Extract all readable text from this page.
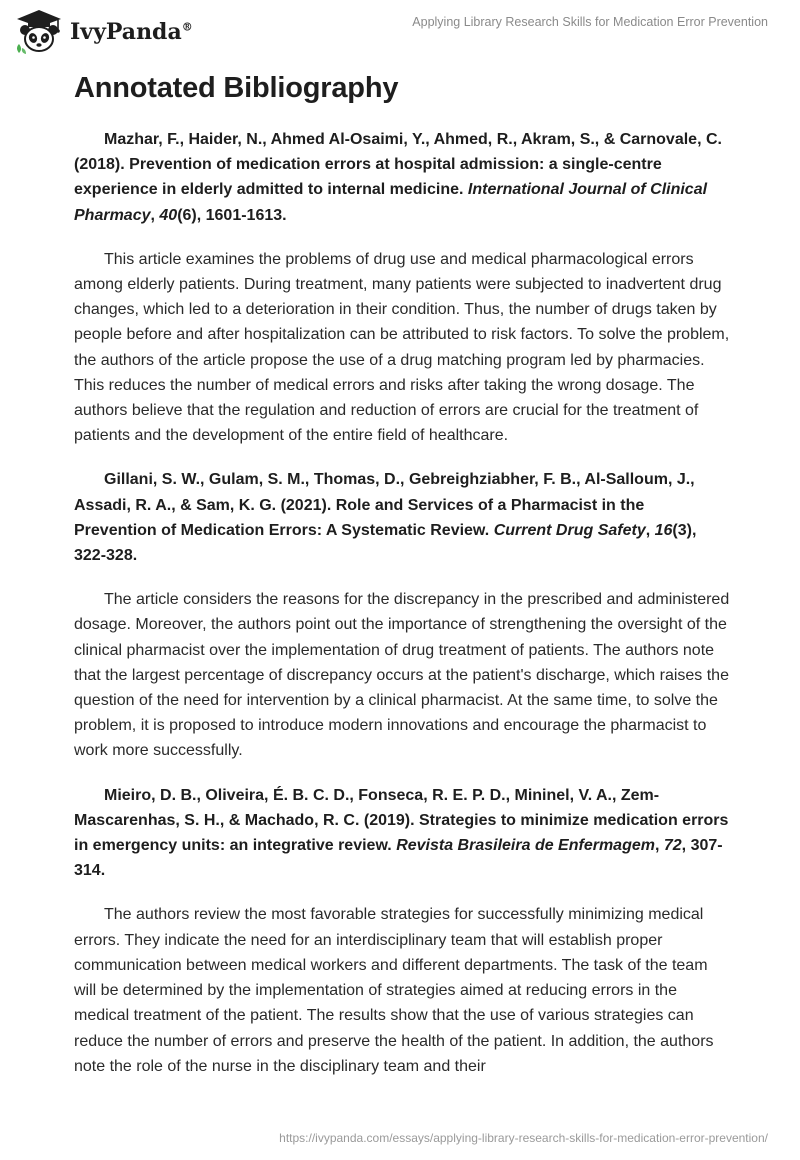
IvyPanda®	Applying Library Research Skills for Medication Error Prevention
Annotated Bibliography

Mazhar, F., Haider, N., Ahmed Al-Osaimi, Y., Ahmed, R., Akram, S., & Carnovale, C. (2018). Prevention of medication errors at hospital admission: a single-centre experience in elderly admitted to internal medicine. International Journal of Clinical Pharmacy, 40(6), 1601-1613.

This article examines the problems of drug use and medical pharmacological errors among elderly patients. During treatment, many patients were subjected to inadvertent drug changes, which led to a deterioration in their condition. Thus, the number of drugs taken by people before and after hospitalization can be attributed to risk factors. To solve the problem, the authors of the article propose the use of a drug matching program led by pharmacies. This reduces the number of medical errors and risks after taking the wrong dosage. The authors believe that the regulation and reduction of errors are crucial for the treatment of patients and the development of the entire field of healthcare.

Gillani, S. W., Gulam, S. M., Thomas, D., Gebreighziabher, F. B., Al-Salloum, J., Assadi, R. A., & Sam, K. G. (2021). Role and Services of a Pharmacist in the Prevention of Medication Errors: A Systematic Review. Current Drug Safety, 16(3), 322-328.

The article considers the reasons for the discrepancy in the prescribed and administered dosage. Moreover, the authors point out the importance of strengthening the oversight of the clinical pharmacist over the implementation of drug treatment of patients. The authors note that the largest percentage of discrepancy occurs at the patient's discharge, which raises the question of the need for intervention by a clinical pharmacist. At the same time, to solve the problem, it is proposed to introduce modern innovations and encourage the pharmacist to work more successfully.

Mieiro, D. B., Oliveira, É. B. C. D., Fonseca, R. E. P. D., Mininel, V. A., Zem-Mascarenhas, S. H., & Machado, R. C. (2019). Strategies to minimize medication errors in emergency units: an integrative review. Revista Brasileira de Enfermagem, 72, 307-314.

The authors review the most favorable strategies for successfully minimizing medical errors. They indicate the need for an interdisciplinary team that will establish proper communication between medical workers and different departments. The task of the team will be determined by the implementation of strategies aimed at reducing errors in the medical treatment of the patient. The results show that the use of various strategies can reduce the number of errors and preserve the health of the patient. In addition, the authors note the role of the nurse in the disciplinary team and their

https://ivypanda.com/essays/applying-library-research-skills-for-medication-error-prevention/
